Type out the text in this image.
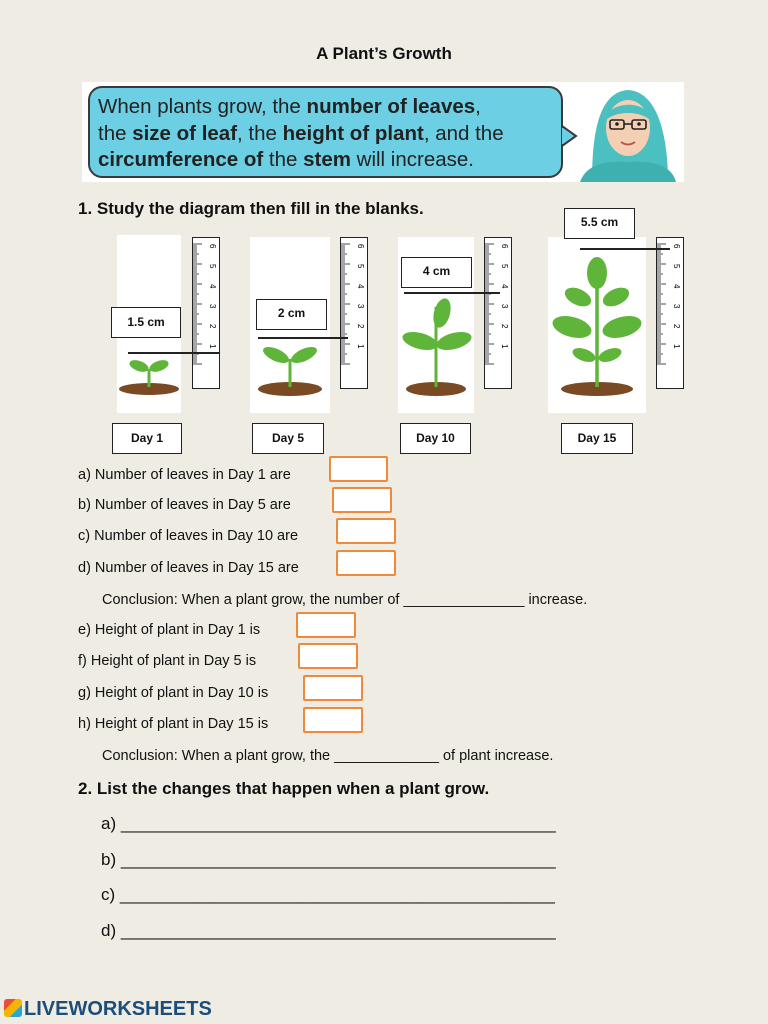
A Plant’s Growth
When plants grow, the number of leaves,
the size of leaf, the height of plant, and the
circumference of the stem will increase.
1. Study the diagram then fill in the blanks.
1
2
3
4
5
6
1
2
3
4
5
6
1
2
3
4
5
6
1
2
3
4
5
6
1.5 cm
2 cm
4 cm
5.5 cm
Day 1	Day 5	Day 10	Day 15
a) Number of leaves in Day 1 are
b) Number of leaves in Day 5 are
c) Number of leaves in Day 10 are
d) Number of leaves in Day 15 are
Conclusion: When a plant grow, the number of _______________ increase.
e) Height of plant in Day 1 is
f) Height of plant in Day 5 is
g) Height of plant in Day 10 is
h) Height of plant in Day 15 is
Conclusion: When a plant grow, the _____________ of plant increase.
2. List the changes that happen when a plant grow.
a) ______________________________________________
b) ______________________________________________
c) ______________________________________________
d) ______________________________________________
LIVEWORKSHEETS
